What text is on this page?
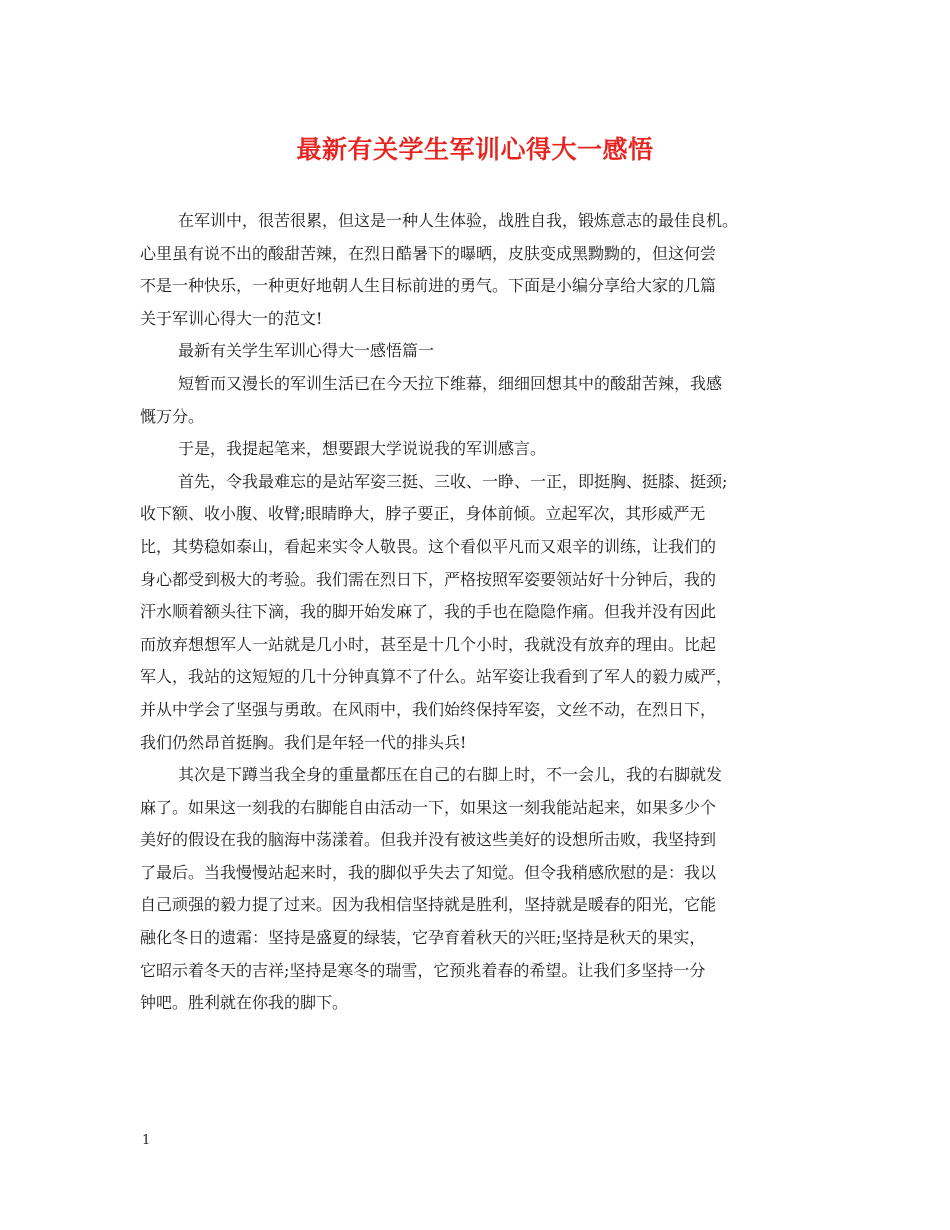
最新有关学生军训心得大一感悟
在军训中，很苦很累，但这是一种人生体验，战胜自我，锻炼意志的最佳良机。
心里虽有说不出的酸甜苦辣，在烈日酷暑下的曝晒，皮肤变成黑黝黝的，但这何尝
不是一种快乐，一种更好地朝人生目标前进的勇气。下面是小编分享给大家的几篇
关于军训心得大一的范文!
最新有关学生军训心得大一感悟篇一
短暂而又漫长的军训生活已在今天拉下维幕，细细回想其中的酸甜苦辣，我感
慨万分。
于是，我提起笔来，想要跟大学说说我的军训感言。
首先，令我最难忘的是站军姿三挺、三收、一睁、一正，即挺胸、挺膝、挺颈;
收下额、收小腹、收臂;眼睛睁大，脖子要正，身体前倾。立起军次，其形威严无
比，其势稳如泰山，看起来实令人敬畏。这个看似平凡而又艰辛的训练，让我们的
身心都受到极大的考验。我们需在烈日下，严格按照军姿要领站好十分钟后，我的
汗水顺着额头往下滴，我的脚开始发麻了，我的手也在隐隐作痛。但我并没有因此
而放弃想想军人一站就是几小时，甚至是十几个小时，我就没有放弃的理由。比起
军人，我站的这短短的几十分钟真算不了什么。站军姿让我看到了军人的毅力威严，
并从中学会了坚强与勇敢。在风雨中，我们始终保持军姿，文丝不动，在烈日下，
我们仍然昂首挺胸。我们是年轻一代的排头兵!
其次是下蹲当我全身的重量都压在自己的右脚上时，不一会儿，我的右脚就发
麻了。如果这一刻我的右脚能自由活动一下，如果这一刻我能站起来，如果多少个
美好的假设在我的脑海中荡漾着。但我并没有被这些美好的设想所击败，我坚持到
了最后。当我慢慢站起来时，我的脚似乎失去了知觉。但令我稍感欣慰的是：我以
自己顽强的毅力提了过来。因为我相信坚持就是胜利，坚持就是暖春的阳光，它能
融化冬日的遗霜：坚持是盛夏的绿装，它孕育着秋天的兴旺;坚持是秋天的果实，
它昭示着冬天的吉祥;坚持是寒冬的瑞雪，它预兆着春的希望。让我们多坚持一分
钟吧。胜利就在你我的脚下。
1
